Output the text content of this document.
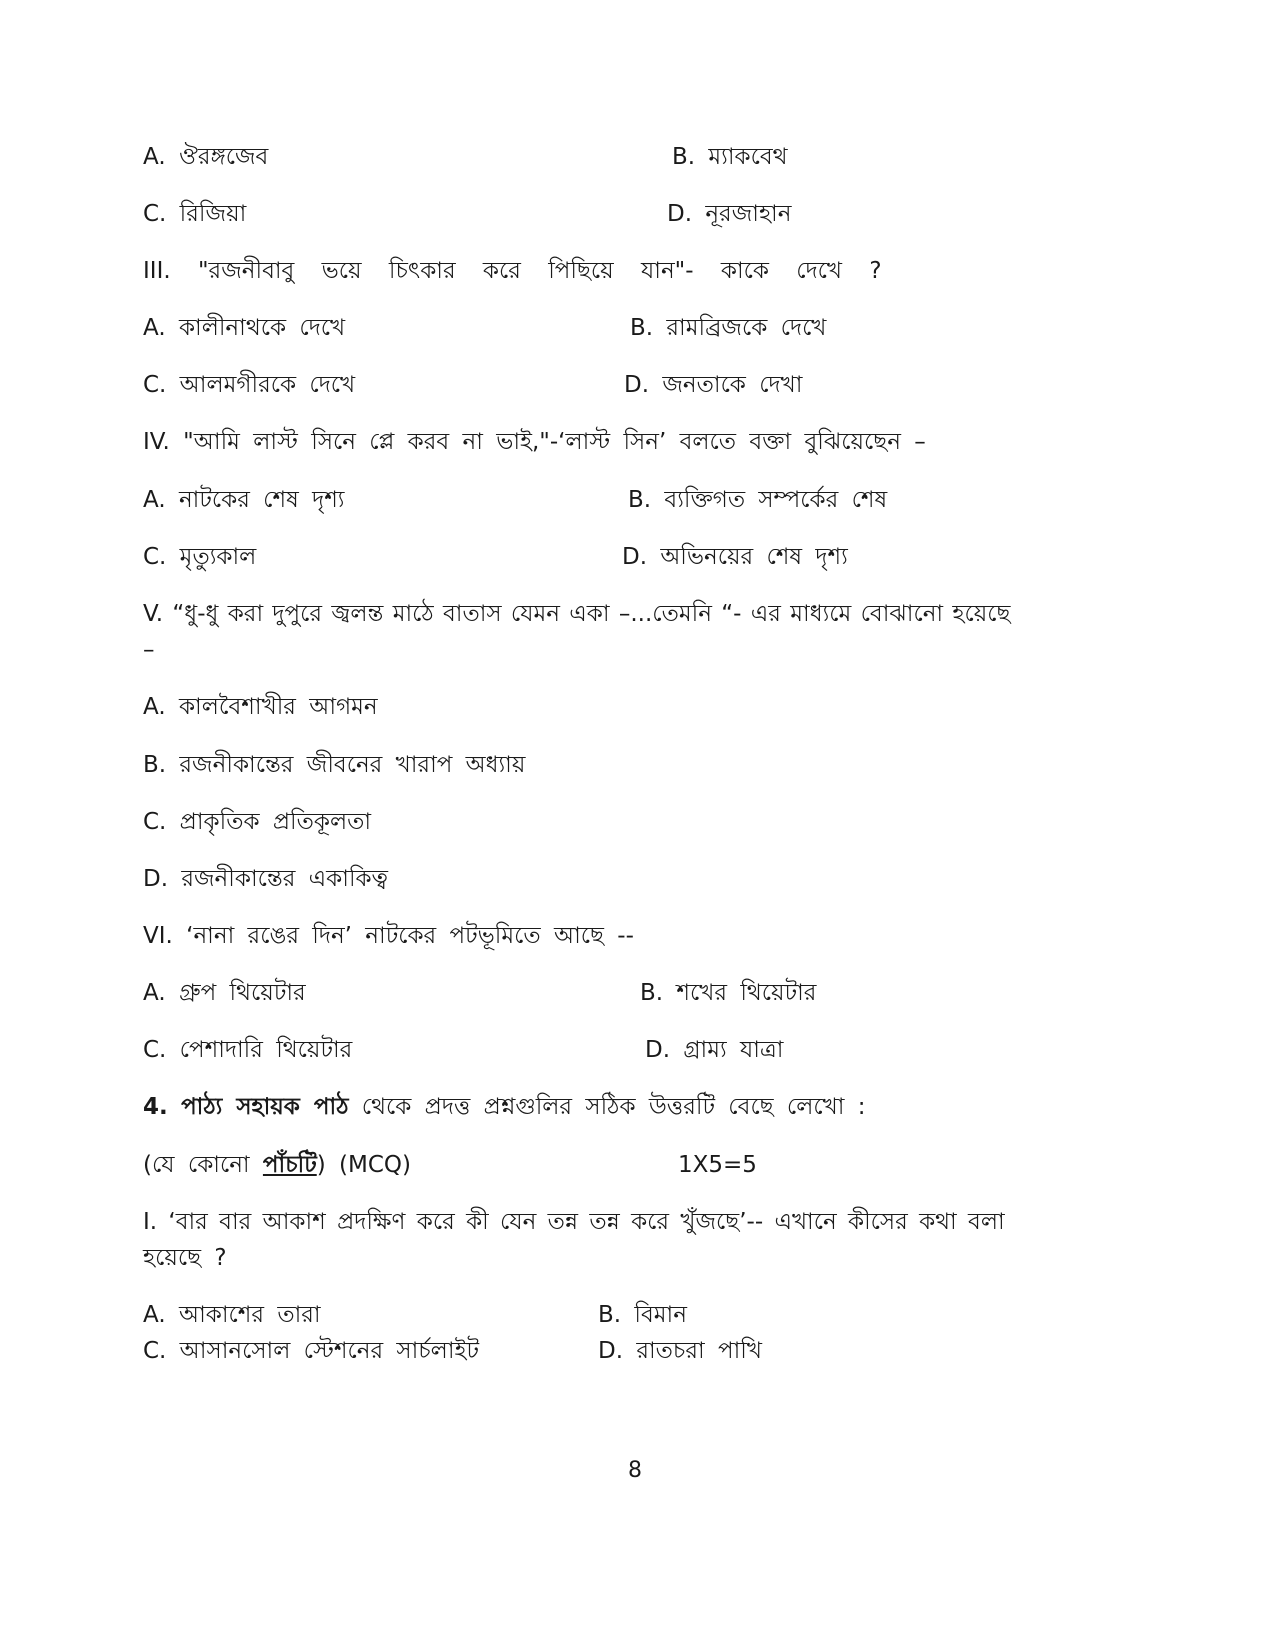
A. ঔরঙ্গজেব	B. ম্যাকবেথ
C. রিজিয়া	D. নূরজাহান
III. "রজনীবাবু ভয়ে চিৎকার করে পিছিয়ে যান"- কাকে দেখে ?
A. কালীনাথকে দেখে	B. রামব্রিজকে দেখে
C. আলমগীরকে দেখে	D. জনতাকে দেখা
IV. "আমি লাস্ট সিনে প্লে করব না ভাই,"-‘লাস্ট সিন’ বলতে বক্তা বুঝিয়েছেন –
A. নাটকের শেষ দৃশ্য	B. ব্যক্তিগত সম্পর্কের শেষ
C. মৃত্যুকাল	D. অভিনয়ের শেষ দৃশ্য
V. “ধু-ধু করা দুপুরে জ্বলন্ত মাঠে বাতাস যেমন একা –...তেমনি “- এর মাধ্যমে বোঝানো হয়েছে
–
A. কালবৈশাখীর আগমন
B. রজনীকান্তের জীবনের খারাপ অধ্যায়
C. প্রাকৃতিক প্রতিকূলতা
D. রজনীকান্তের একাকিত্ব
VI. ‘নানা রঙের দিন’ নাটকের পটভূমিতে আছে --
A. গ্রুপ থিয়েটার	B. শখের থিয়েটার
C. পেশাদারি থিয়েটার	D. গ্রাম্য যাত্রা
4. পাঠ্য সহায়ক পাঠ থেকে প্রদত্ত প্রশ্নগুলির সঠিক উত্তরটি বেছে লেখো :
(যে কোনো পাঁচটি) (MCQ)	1X5=5
I. ‘বার বার আকাশ প্রদক্ষিণ করে কী যেন তন্ন তন্ন করে খুঁজছে’-- এখানে কীসের কথা বলা
হয়েছে ?
A. আকাশের তারা	B. বিমান
C. আসানসোল স্টেশনের সার্চলাইট	D. রাতচরা পাখি
8
